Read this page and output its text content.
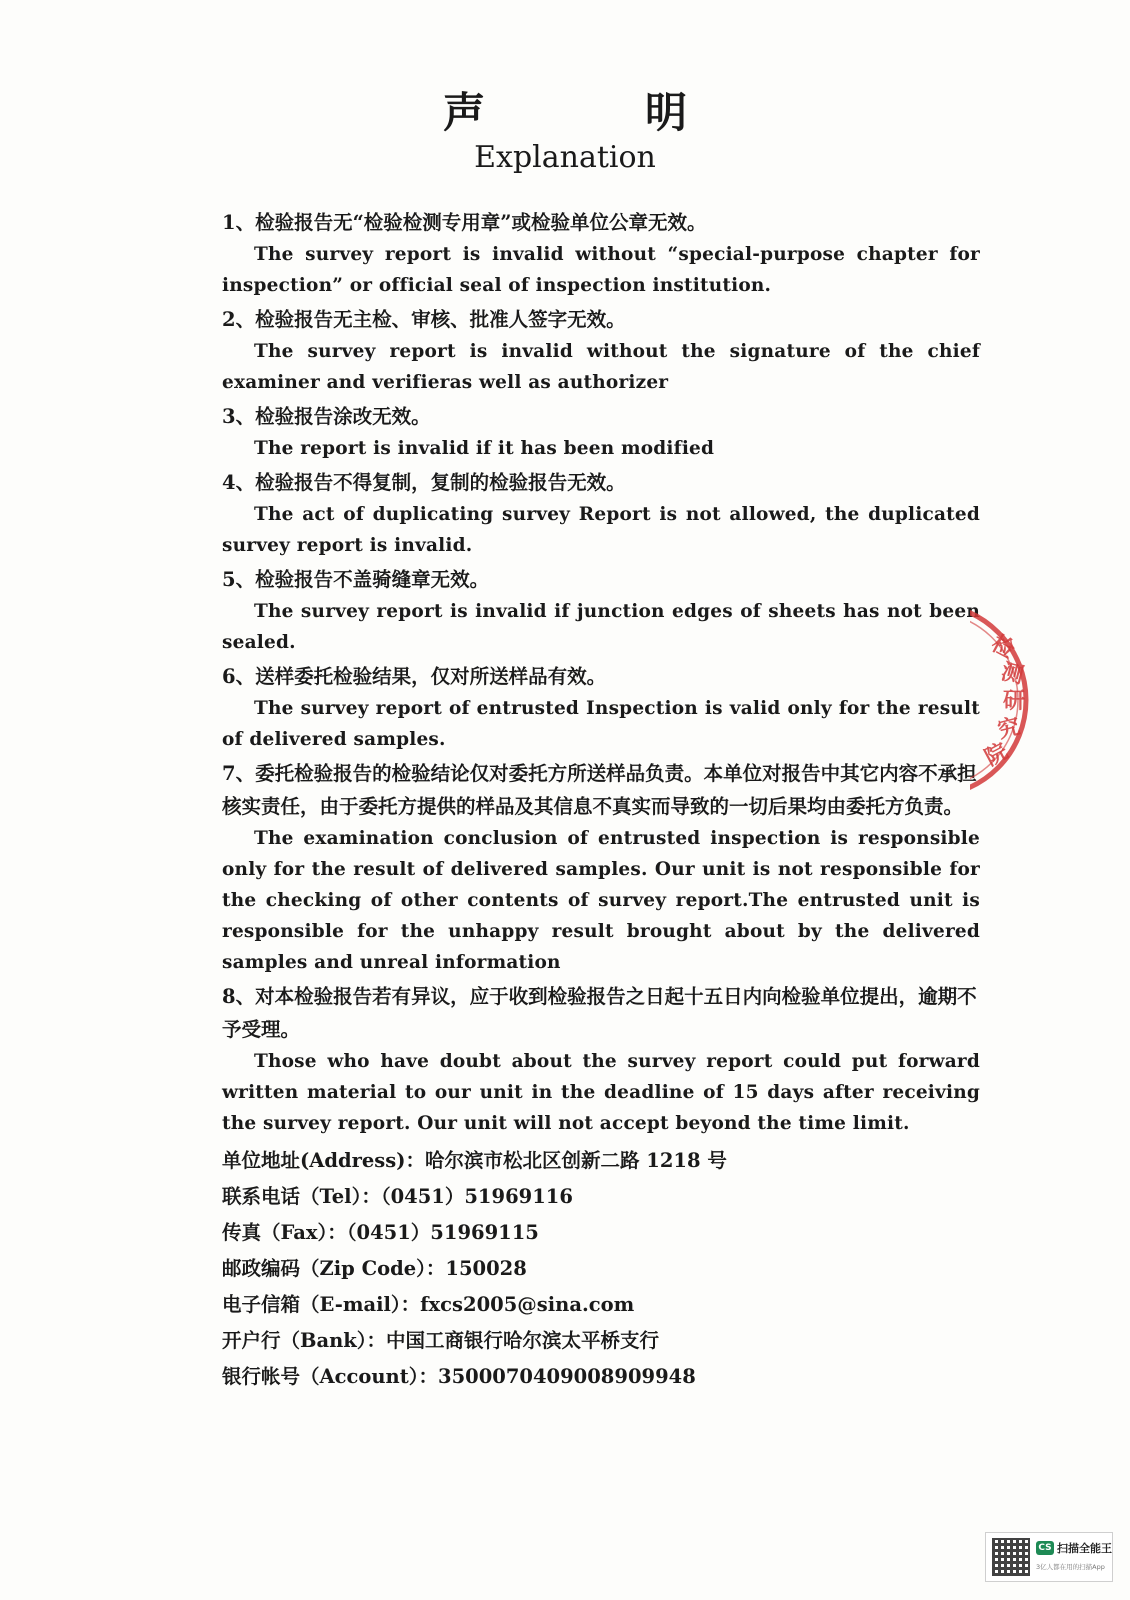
声明
Explanation

1、检验报告无“检验检测专用章”或检验单位公章无效。

The survey report is invalid without “special-purpose chapter for inspection” or official seal of inspection institution.

2、检验报告无主检、审核、批准人签字无效。

The survey report is invalid without the signature of the chief examiner and verifieras well as authorizer

3、检验报告涂改无效。

The report is invalid if it has been modified

4、检验报告不得复制，复制的检验报告无效。

The act of duplicating survey Report is not allowed, the duplicated survey report is invalid.

5、检验报告不盖骑缝章无效。

The survey report is invalid if junction edges of sheets has not been sealed.

6、送样委托检验结果，仅对所送样品有效。

The survey report of entrusted Inspection is valid only for the result of delivered samples.

7、委托检验报告的检验结论仅对委托方所送样品负责。本单位对报告中其它内容不承担核实责任，由于委托方提供的样品及其信息不真实而导致的一切后果均由委托方负责。

The examination conclusion of entrusted inspection is responsible only for the result of delivered samples. Our unit is not responsible for the checking of other contents of survey report.The entrusted unit is responsible for the unhappy result brought about by the delivered samples and unreal information

8、对本检验报告若有异议，应于收到检验报告之日起十五日内向检验单位提出，逾期不予受理。

Those who have doubt about the survey report could put forward written material to our unit in the deadline of 15 days after receiving the survey report. Our unit will not accept beyond the time limit.

单位地址(Address)：哈尔滨市松北区创新二路 1218 号
联系电话（Tel）：（0451）51969116
传真（Fax）：（0451）51969115
邮政编码（Zip Code）：150028
电子信箱（E-mail）：fxcs2005@sina.com
开户行（Bank）：中国工商银行哈尔滨太平桥支行
银行帐号（Account）：3500070409008909948
检
测
研
究
院
CS 扫描全能王
3亿人都在用的扫描App
